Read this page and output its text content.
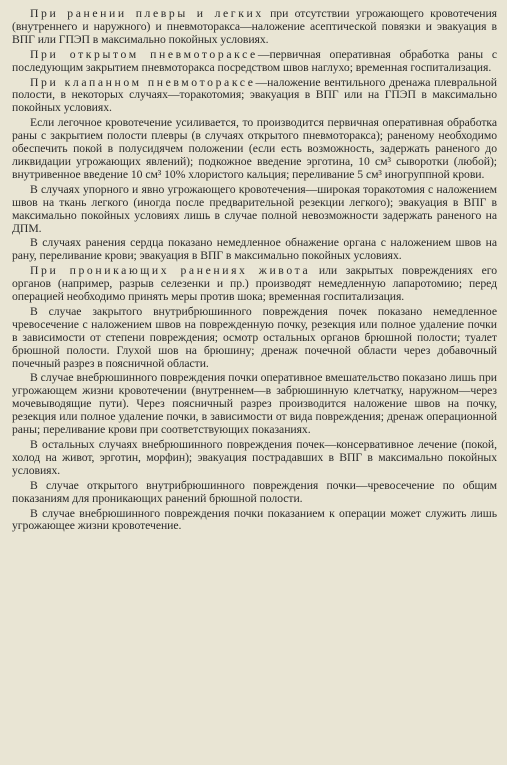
При ранении плевры и легких при отсутствии угрожающего кровотечения (внутреннего и наружного) и пневмоторакса—наложение асептической повязки и эвакуация в ВПГ или ГПЭП в максимально покойных условиях.

При открытом пневмотораксе—первичная оперативная обработка раны с последующим закрытием пневмоторакса посредством швов наглухо; временная госпитализация.

При клапанном пневмотораксе—наложение вентильного дренажа плевральной полости, в некоторых случаях—торакотомия; эвакуация в ВПГ или на ГПЭП в максимально покойных условиях.

Если легочное кровотечение усиливается, то производится первичная оперативная обработка раны с закрытием полости плевры (в случаях открытого пневмоторакса); раненому необходимо обеспечить покой в полусидячем положении (если есть возможность, задержать раненого до ликвидации угрожающих явлений); подкожное введение эрготина, 10 см³ сыворотки (любой); внутривенное введение 10 см³ 10% хлористого кальция; переливание 5 см³ иногруппной крови.

В случаях упорного и явно угрожающего кровотечения—широкая торакотомия с наложением швов на ткань легкого (иногда после предварительной резекции легкого); эвакуация в ВПГ в максимально покойных условиях лишь в случае полной невозможности задержать раненого на ДПМ.

В случаях ранения сердца показано немедленное обнажение органа с наложением швов на рану, переливание крови; эвакуация в ВПГ в максимально покойных условиях.

При проникающих ранениях живота или закрытых повреждениях его органов (например, разрыв селезенки и пр.) производят немедленную лапаротомию; перед операцией необходимо принять меры против шока; временная госпитализация.

В случае закрытого внутрибрюшинного повреждения почек показано немедленное чревосечение с наложением швов на поврежденную почку, резекция или полное удаление почки в зависимости от степени повреждения; осмотр остальных органов брюшной полости; туалет брюшной полости. Глухой шов на брюшину; дренаж почечной области через добавочный почечный разрез в поясничной области.

В случае внебрюшинного повреждения почки оперативное вмешательство показано лишь при угрожающем жизни кровотечении (внутреннем—в забрюшинную клетчатку, наружном—через мочевыводящие пути). Через поясничный разрез производится наложение швов на почку, резекция или полное удаление почки, в зависимости от вида повреждения; дренаж операционной раны; переливание крови при соответствующих показаниях.

В остальных случаях внебрюшинного повреждения почек—консервативное лечение (покой, холод на живот, эрготин, морфин); эвакуация пострадавших в ВПГ в максимально покойных условиях.

В случае открытого внутрибрюшинного повреждения почки—чревосечение по общим показаниям для проникающих ранений брюшной полости.

В случае внебрюшинного повреждения почки показанием к операции может служить лишь угрожающее жизни кровотечение.
